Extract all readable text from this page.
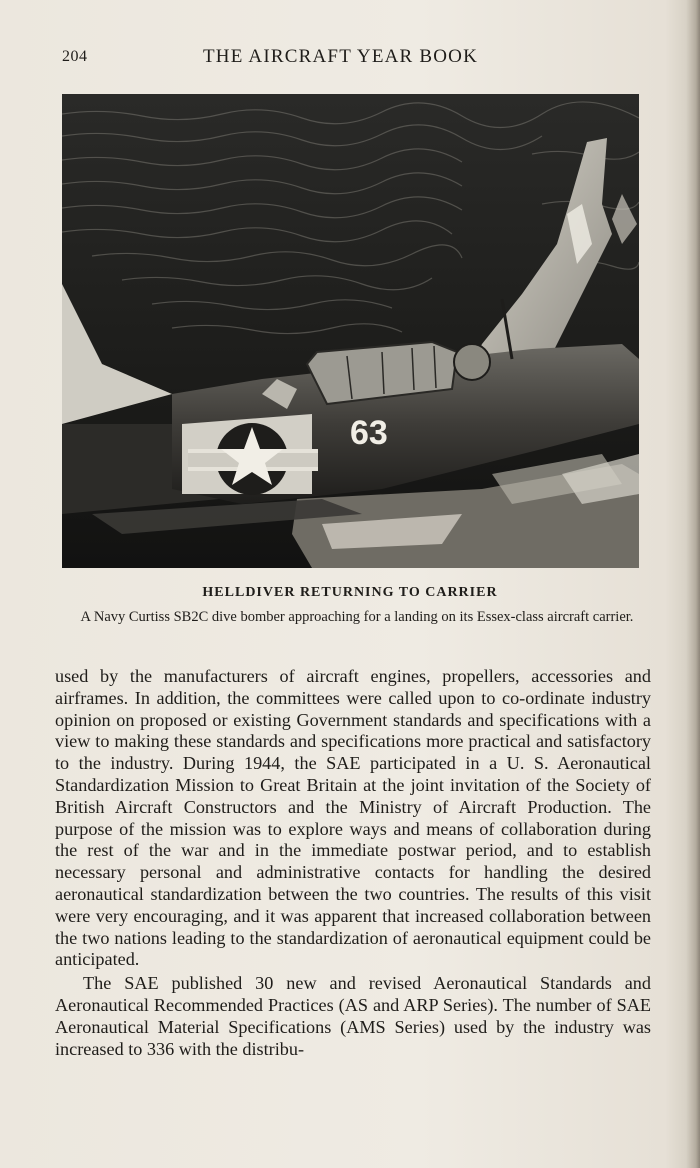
204	THE AIRCRAFT YEAR BOOK
63
HELLDIVER RETURNING TO CARRIER
A Navy Curtiss SB2C dive bomber approaching for a landing on its Essex-class aircraft carrier.

used by the manufacturers of aircraft engines, propellers, accessories and airframes. In addition, the committees were called upon to co-ordinate industry opinion on proposed or existing Government standards and specifications with a view to making these standards and specifications more practical and satisfactory to the industry. During 1944, the SAE participated in a U. S. Aeronautical Standardization Mission to Great Britain at the joint invitation of the Society of British Aircraft Constructors and the Ministry of Aircraft Production. The purpose of the mission was to explore ways and means of collaboration during the rest of the war and in the immediate postwar period, and to establish necessary personal and administrative contacts for handling the desired aeronautical standardization between the two countries. The results of this visit were very encouraging, and it was apparent that increased collaboration between the two nations leading to the standardization of aeronautical equipment could be anticipated.

The SAE published 30 new and revised Aeronautical Standards and Aeronautical Recommended Practices (AS and ARP Series). The number of SAE Aeronautical Material Specifications (AMS Series) used by the industry was increased to 336 with the distribu-
